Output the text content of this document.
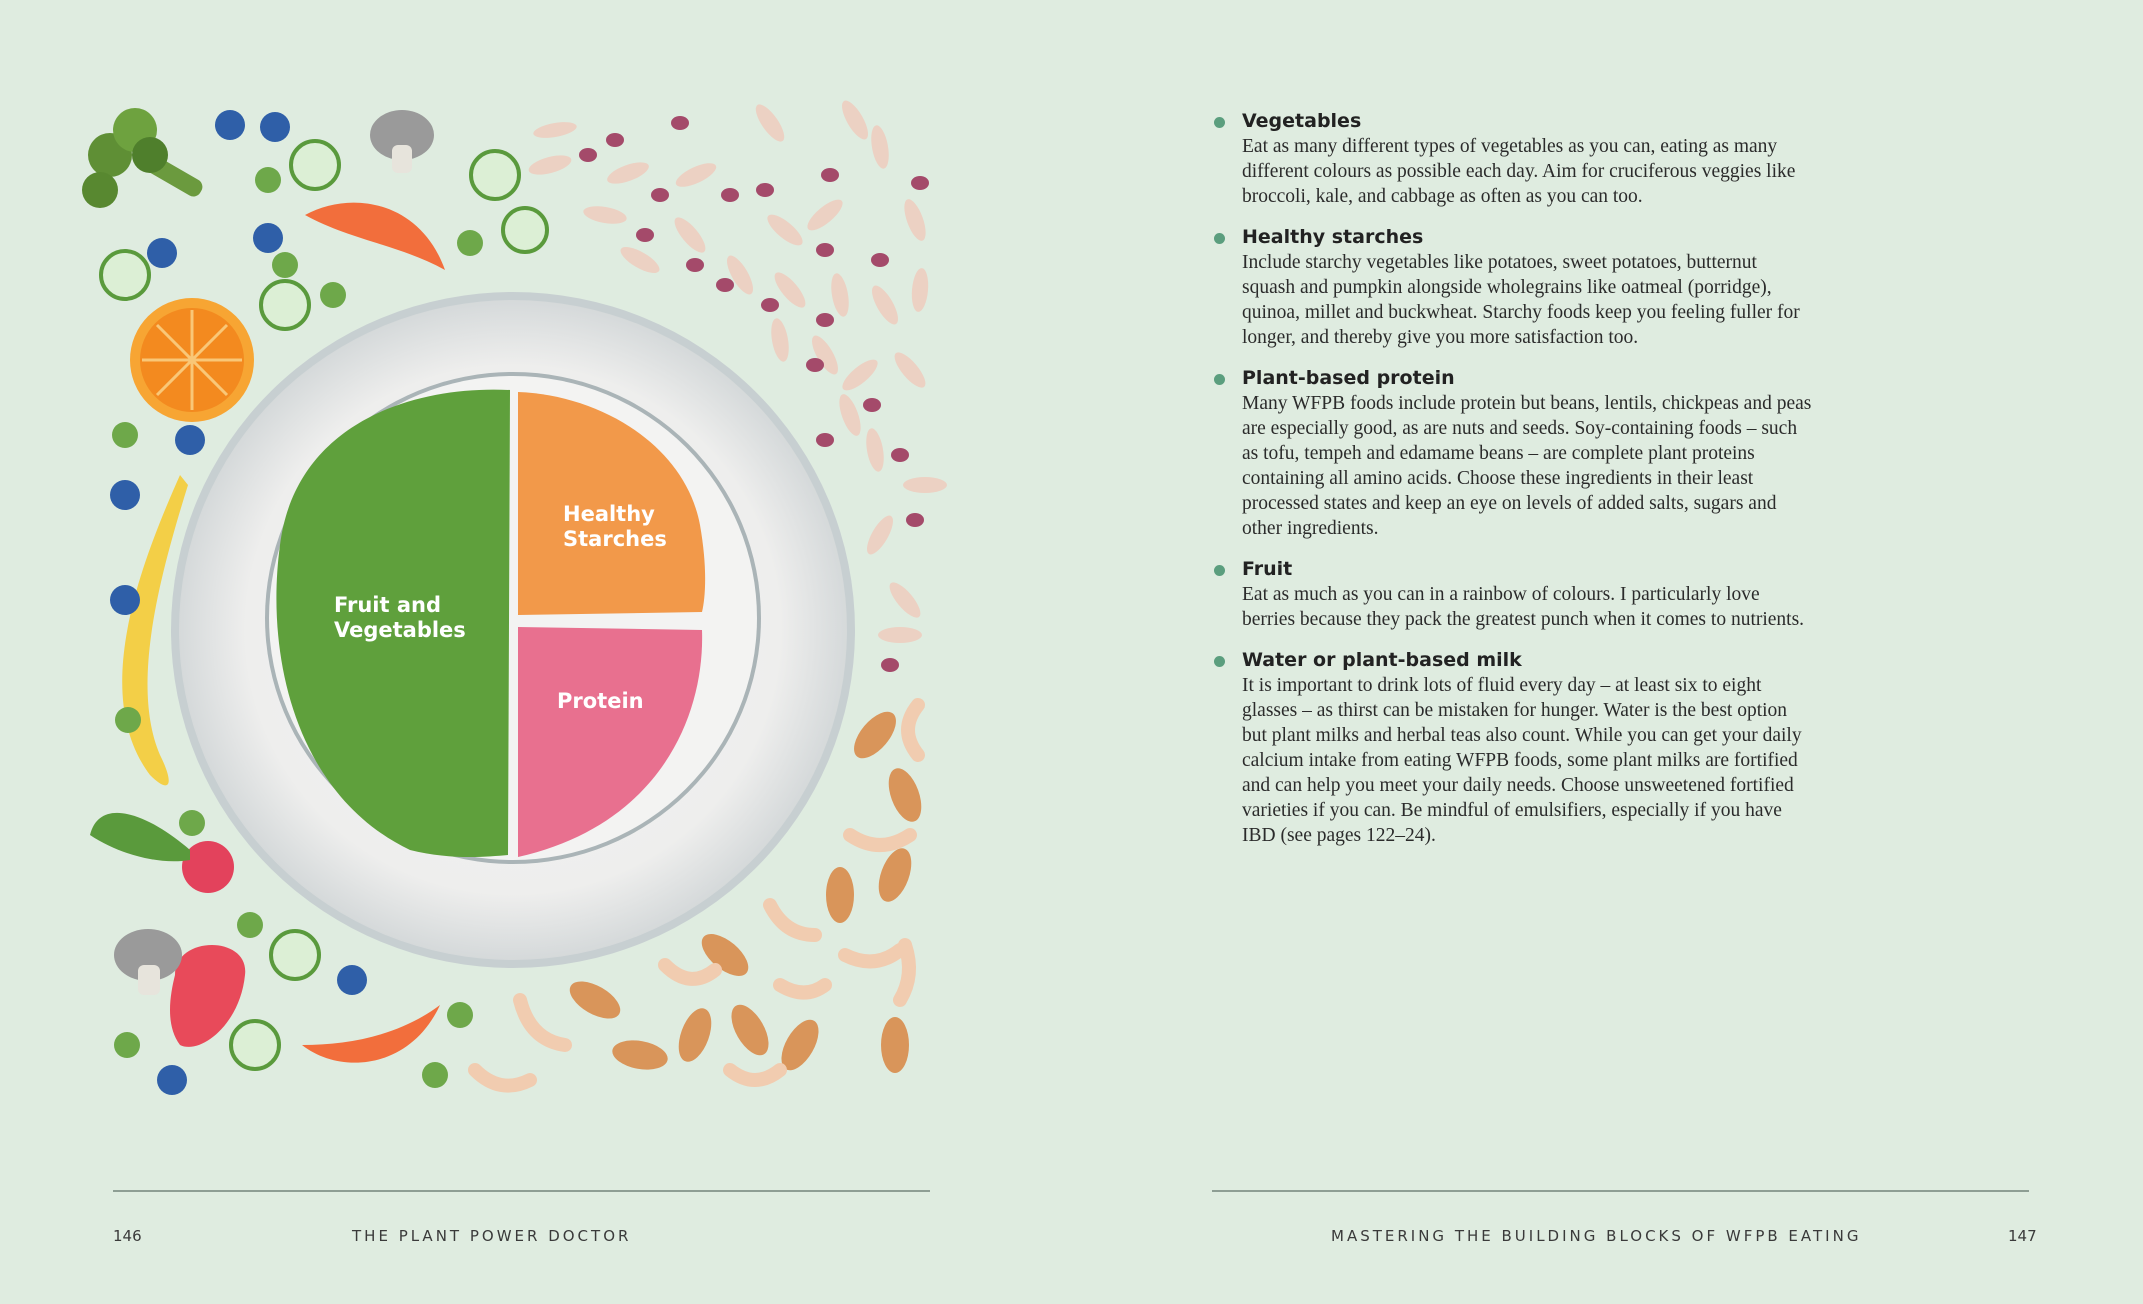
Fruit and
Vegetables
Healthy
Starches
Protein
Vegetables
Eat as many different types of vegetables as you can, eating as many different colours as possible each day. Aim for cruciferous veggies like broccoli, kale, and cabbage as often as you can too.
Healthy starches
Include starchy vegetables like potatoes, sweet potatoes, butternut squash and pumpkin alongside wholegrains like oatmeal (porridge), quinoa, millet and buckwheat. Starchy foods keep you feeling fuller for longer, and thereby give you more satisfaction too.
Plant-based protein
Many WFPB foods include protein but beans, lentils, chickpeas and peas are especially good, as are nuts and seeds. Soy-containing foods – such as tofu, tempeh and edamame beans – are complete plant proteins containing all amino acids. Choose these ingredients in their least processed states and keep an eye on levels of added salts, sugars and other ingredients.
Fruit
Eat as much as you can in a rainbow of colours. I particularly love berries because they pack the greatest punch when it comes to nutrients.
Water or plant-based milk
It is important to drink lots of fluid every day – at least six to eight glasses – as thirst can be mistaken for hunger. Water is the best option but plant milks and herbal teas also count. While you can get your daily calcium intake from eating WFPB foods, some plant milks are fortified and can help you meet your daily needs. Choose unsweetened fortified varieties if you can. Be mindful of emulsifiers, especially if you have IBD (see pages 122–24).
146	THE PLANT POWER DOCTOR	MASTERING THE BUILDING BLOCKS OF WFPB EATING	147
